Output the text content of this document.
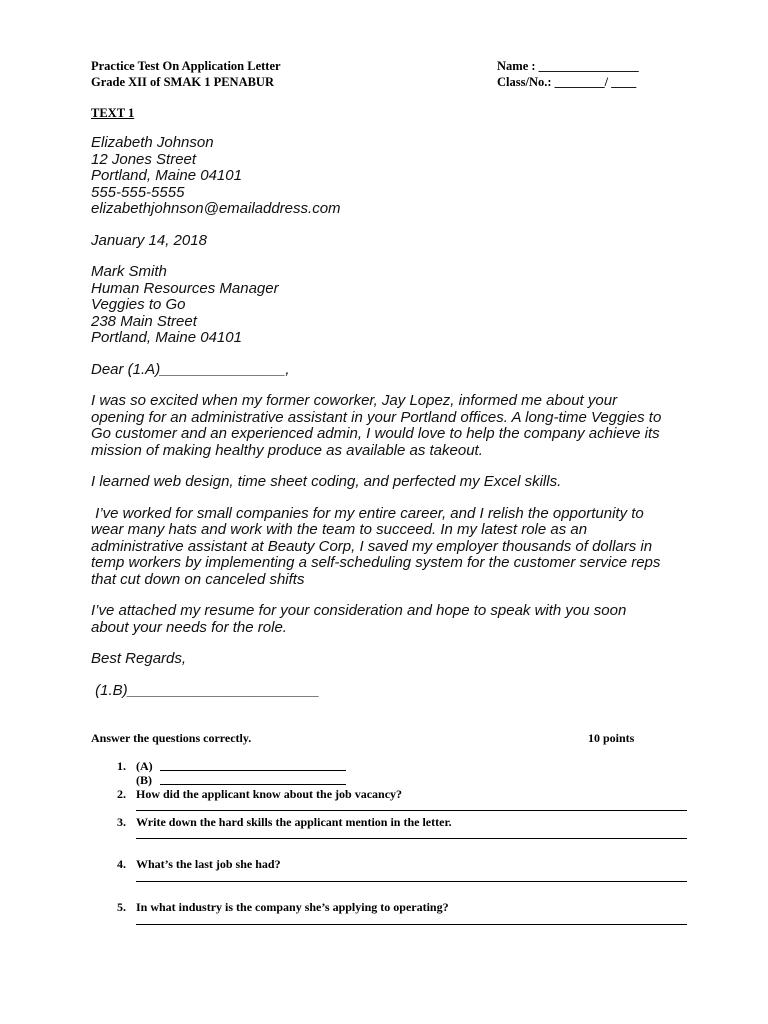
Practice Test On Application Letter
Grade XII of SMAK 1 PENABUR
Name : ________________
Class/No.: ________/ ____
TEXT 1
Elizabeth Johnson
12 Jones Street
Portland, Maine 04101
555-555-5555
elizabethjohnson@emailaddress.com
January 14, 2018
Mark Smith
Human Resources Manager
Veggies to Go
238 Main Street
Portland, Maine 04101
Dear (1.A)_______________,
I was so excited when my former coworker, Jay Lopez, informed me about your
opening for an administrative assistant in your Portland offices. A long-time Veggies to
Go customer and an experienced admin, I would love to help the company achieve its
mission of making healthy produce as available as takeout.
I learned web design, time sheet coding, and perfected my Excel skills.
I’ve worked for small companies for my entire career, and I relish the opportunity to
wear many hats and work with the team to succeed. In my latest role as an
administrative assistant at Beauty Corp, I saved my employer thousands of dollars in
temp workers by implementing a self-scheduling system for the customer service reps
that cut down on canceled shifts
I’ve attached my resume for your consideration and hope to speak with you soon
about your needs for the role.
Best Regards,
(1.B)_______________________
Answer the questions correctly.	10 points
1. (A)
(B)
2. How did the applicant know about the job vacancy?
3. Write down the hard skills the applicant mention in the letter.
4. What’s the last job she had?
5. In what industry is the company she’s applying to operating?
